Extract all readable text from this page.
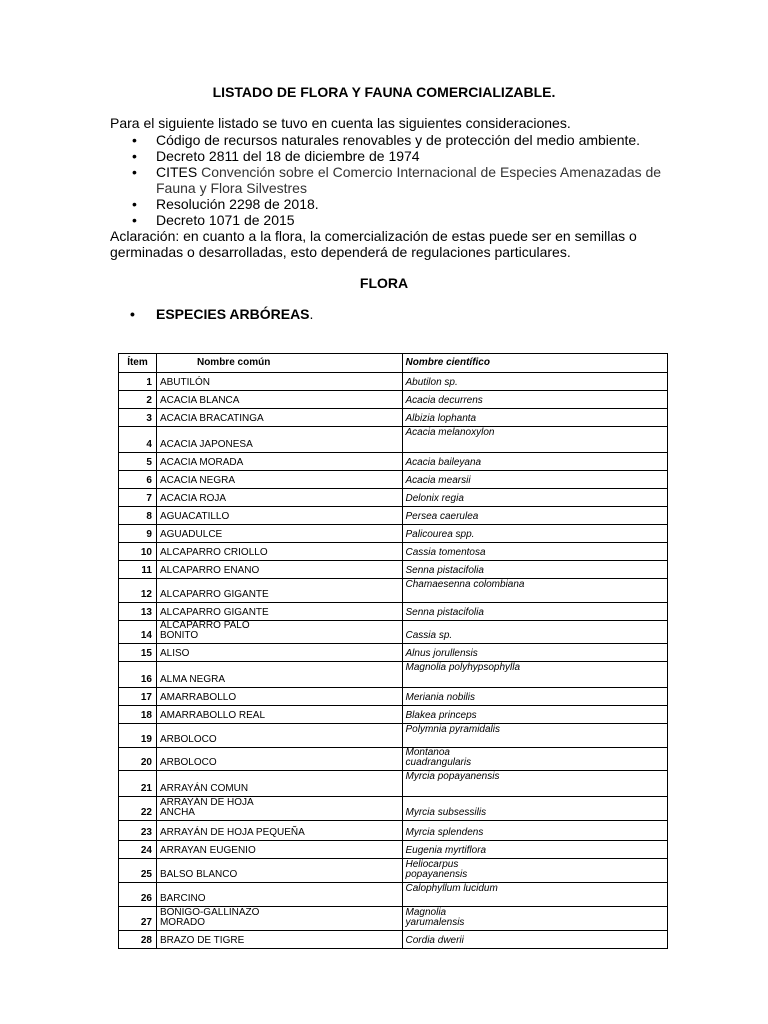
LISTADO DE FLORA Y FAUNA COMERCIALIZABLE.
Para el siguiente listado se tuvo en cuenta las siguientes consideraciones.
• Código de recursos naturales renovables y de protección del medio ambiente.
• Decreto 2811 del 18 de diciembre de 1974
• CITES Convención sobre el Comercio Internacional de Especies Amenazadas de Fauna y Flora Silvestres
• Resolución 2298 de 2018.
• Decreto 1071 de 2015
Aclaración: en cuanto a la flora, la comercialización de estas puede ser en semillas o germinadas o desarrolladas, esto dependerá de regulaciones particulares.
FLORA
• ESPECIES ARBÓREAS.
Ítem	Nombre común	Nombre científico
1	ABUTILÓN	Abutilon sp.
2	ACACIA BLANCA	Acacia decurrens
3	ACACIA BRACATINGA	Albizia lophanta
4	ACACIA JAPONESA	Acacia melanoxylon
5	ACACIA MORADA	Acacia baileyana
6	ACACIA NEGRA	Acacia mearsii
7	ACACIA ROJA	Delonix regia
8	AGUACATILLO	Persea caerulea
9	AGUADULCE	Palicourea spp.
10	ALCAPARRO CRIOLLO	Cassia tomentosa
11	ALCAPARRO ENANO	Senna pistacifolia
12	ALCAPARRO GIGANTE	Chamaesenna colombiana
13	ALCAPARRO GIGANTE	Senna pistacifolia
14	ALCAPARRO PALO
BONITO	Cassia sp.
15	ALISO	Alnus jorullensis
16	ALMA NEGRA	Magnolia polyhypsophylla
17	AMARRABOLLO	Meriania nobilis
18	AMARRABOLLO REAL	Blakea princeps
19	ARBOLOCO	Polymnia pyramidalis
20	ARBOLOCO	Montanoa
cuadrangularis
21	ARRAYÁN COMUN	Myrcia popayanensis
22	ARRAYÁN DE HOJA
ANCHA	Myrcia subsessilis
23	ARRAYÁN DE HOJA PEQUEÑA	Myrcia splendens
24	ARRAYAN EUGENIO	Eugenia myrtiflora
25	BALSO BLANCO	Heliocarpus
popayanensis
26	BARCINO	Calophyllum lucidum
27	BOÑIGO-GALLINAZO
MORADO	Magnolia
yarumalensis
28	BRAZO DE TIGRE	Cordia dwerii
